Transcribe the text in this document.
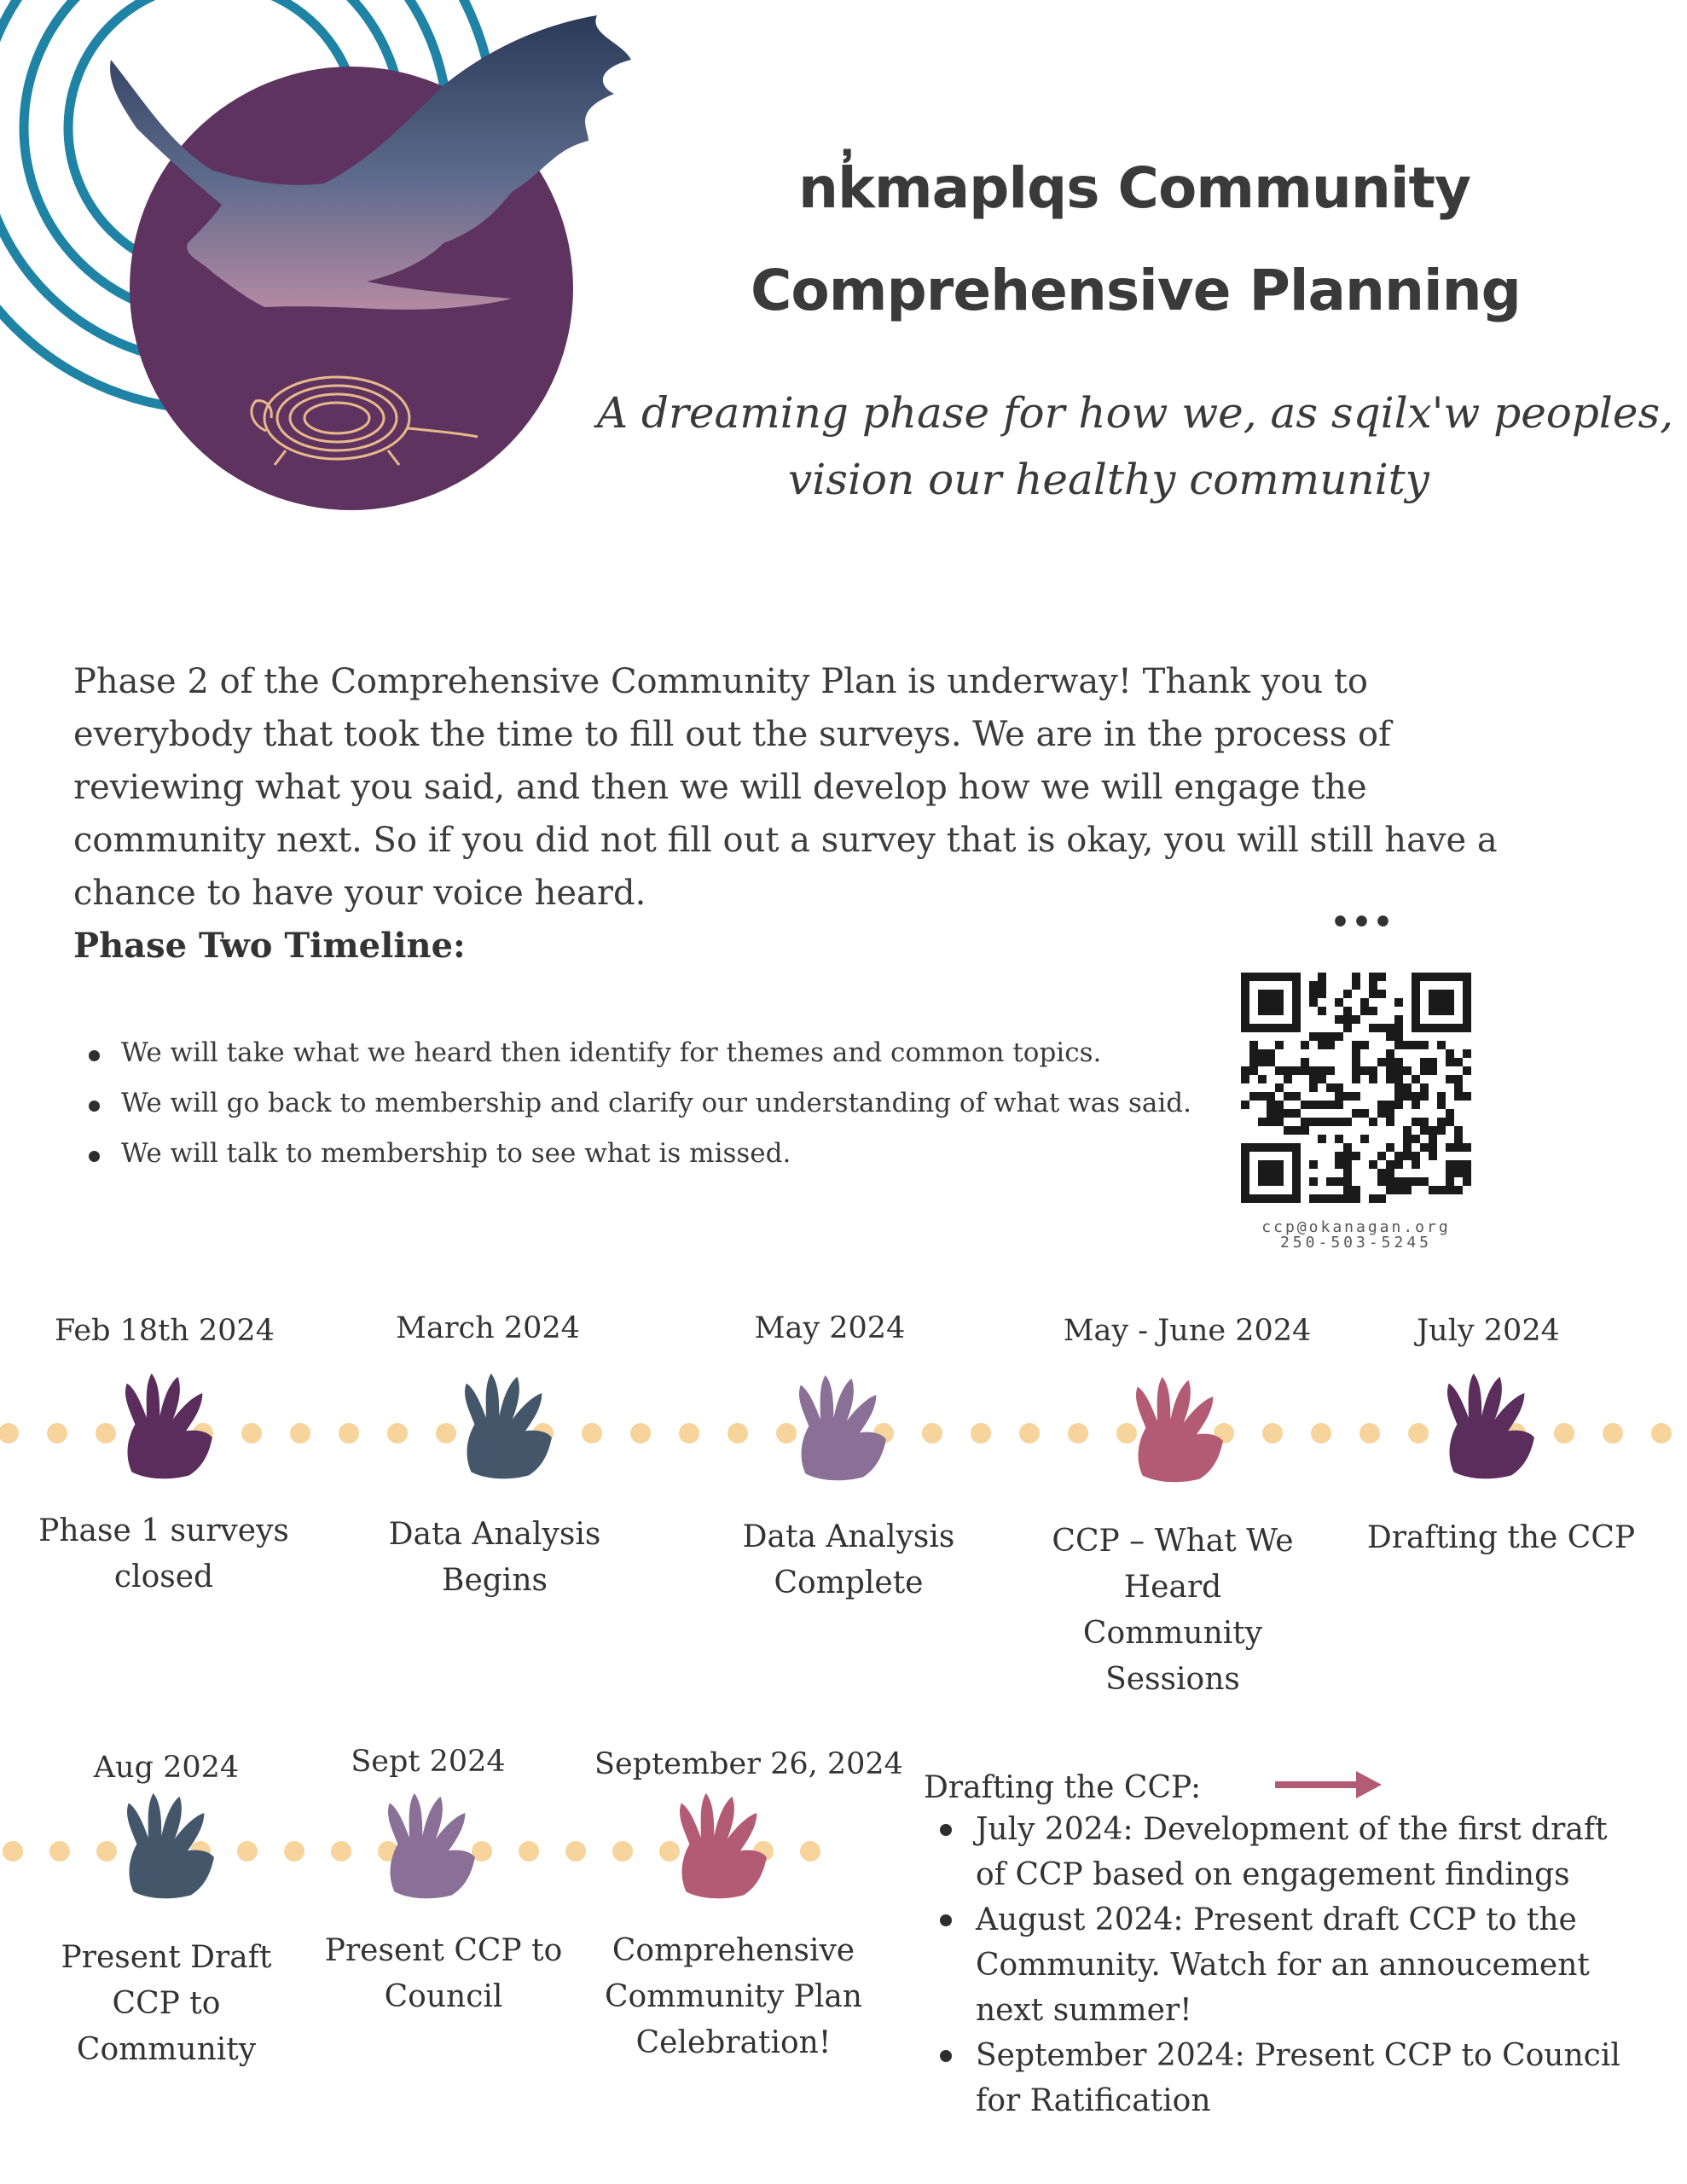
nk̓maplqs Community
Comprehensive Planning
A dreaming phase for how we, as sqilx'w peoples,
vision our healthy community
Phase 2 of the Comprehensive Community Plan is underway! Thank you to everybody that took the time to fill out the surveys. We are in the process of reviewing what you said, and then we will develop how we will engage the community next. So if you did not fill out a survey that is okay, you will still have a chance to have your voice heard.
Phase Two Timeline:
We will take what we heard then identify for themes and common topics.
We will go back to membership and clarify our understanding of what was said.
We will talk to membership to see what is missed.
•••
ccp@okanagan.org
250-503-5245
Feb 18th 2024	March 2024	May 2024	May - June 2024	July 2024
Phase 1 surveys closed
Data Analysis Begins
Data Analysis Complete
CCP – What We Heard Community Sessions
Drafting the CCP
Aug 2024	Sept 2024	September 26, 2024
Present Draft CCP to Community
Present CCP to Council
Comprehensive Community Plan Celebration!
Drafting the CCP:
July 2024: Development of the first draft of CCP based on engagement findings
August 2024: Present draft CCP to the Community. Watch for an annoucement next summer!
September 2024: Present CCP to Council for Ratification
